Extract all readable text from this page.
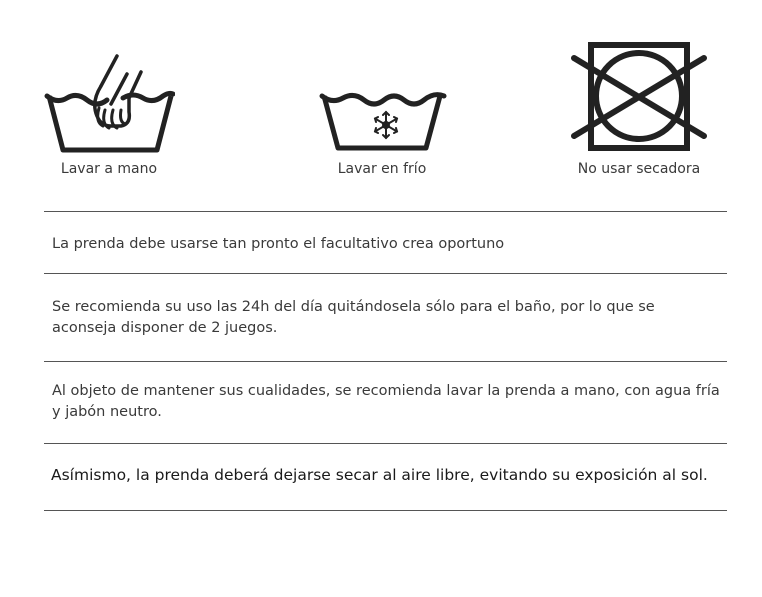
Lavar a mano	Lavar en frío	No usar secadora
La prenda debe usarse tan pronto el facultativo crea oportuno
Se recomienda su uso las 24h del día quitándosela sólo para el baño, por lo que se aconseja disponer de 2 juegos.
Al objeto de mantener sus cualidades, se recomienda lavar la prenda a mano, con agua fría y jabón neutro.
Asímismo, la prenda deberá dejarse secar al aire libre, evitando su exposición al sol.
